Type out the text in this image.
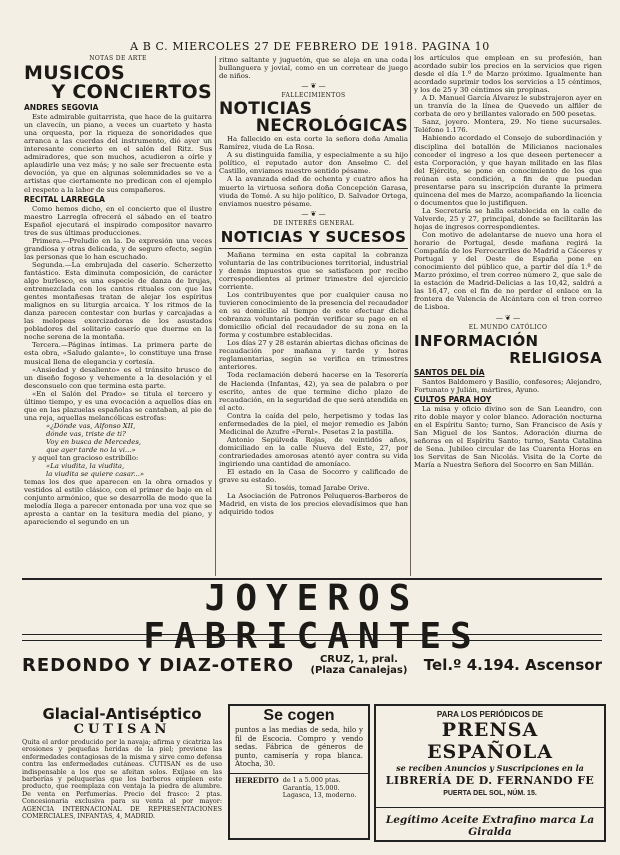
A B C. MIERCOLES 27 DE FEBRERO DE 1918. PAGINA 10
NOTAS DE ARTE
MUSICOS
Y CONCIERTOS
ANDRES SEGOVIA

Este admirable guitarrista, que hace de la guitarra un clavecín, un piano, a veces un cuarteto y hasta una orquesta, por la riqueza de sonoridades que arranca a las cuerdas del instrumento, dió ayer un interesante concierto en el salón del Ritz. Sus admiradores, que son muchos, acudieron a oírle y aplaudirle una vez más; y no sale ser frecuente esta devoción, ya que en algunas solemnidades se ve a artistas que ciertamente no predican con el ejemplo el respeto a la labor de sus compañeros.

RECITAL LARREGLA

Como hemos dicho, en el concierto que el ilustre maestro Larregla ofrecerá el sábado en el teatro Español ejecutará el inspirado compositor navarro tres de sus últimas producciones.

Primera.—Preludio en la. De expresión una veces grandiosa y otras delicada, y de seguro efecto, según las personas que lo han escuchado.

Segunda.—La embrujada del caserío. Scherzetto fantástico. Esta diminuta composición, de carácter algo burlesco, es una especie de danza de brujas, entremezclada con los cantos rituales con que las gentes montañesas tratan de alejar los espíritus malignos en su liturgia arcaica. Y los ritmos de la danza parecen contestar con burlas y carcajadas a las melopeas exorcizadoras de los asustados pobladores del solitario caserío que duerme en la noche serena de la montaña.

Tercera.—Páginas íntimas. La primera parte de esta obra, «Saludo galante», lo constituye una frase musical llena de elegancia y cortesía.

«Ansiedad y desaliento» es el tránsito brusco de un diseño fogoso y vehemente a la desolación y el desconsuelo con que termina esta parte.

«En el Salón del Prado» se titula el tercero y último tiempo, y es una evocación a aquellos días en que en las plazuelas españolas se cantaban, al pie de una reja, aquellas melancólicas estrofas:

«¿Dónde vas, Alfonso XII,
dónde vas, triste de ti?
Voy en busca de Mercedes,
que ayer tarde no la vi...»

y aquel tan gracioso estribillo:

«La viudita, la viudita,
la viudita se quiere casar...»

temas los dos que aparecen en la obra ornados y vestidos al estilo clásico, con el primer de bajo en el conjunto armónico, que se desarrolla de modo que la melodía llega a parecer entonada por una voz que se apresta a cantar en la tesitura media del piano, y apareciendo el segundo en un

ritmo saltante y juguetón, que se aleja en una coda bullanguera y jovial, como en un corretear de juego de niños.

— ❦ —
FALLECIMIENTOS
NOTICIAS
NECROLÓGICAS

Ha fallecido en esta corte la señora doña Amalia Ramírez, viuda de La Rosa.

A su distinguida familia, y especialmente a su hijo político, el reputado autor don Anselmo C. del Castillo, enviamos nuestro sentido pésame.

A la avanzada edad de ochenta y cuatro años ha muerto la virtuosa señora doña Concepción Garasa, viuda de Tomé. A su hijo político, D. Salvador Ortega, enviamos nuestro pésame.

— ❦ —
DE INTERÉS GENERAL
NOTICIAS Y SUCESOS

Mañana termina en esta capital la cobranza voluntaria de las contribuciones territorial, industrial y demás impuestos que se satisfacen por recibo correspondientes al primer trimestre del ejercicio corriente.

Los contribuyentes que por cualquier causa no tuvieren conocimiento de la presencia del recaudador en su domicilio al tiempo de este efectuar dicha cobranza voluntaria podrán verificar su pago en el domicilio oficial del recaudador de su zona en la forma y costumbre establecidas.

Los días 27 y 28 estarán abiertas dichas oficinas de recaudación por mañana y tarde y horas reglamentarias, según se verifica en trimestres anteriores.

Toda reclamación deberá hacerse en la Tesorería de Hacienda (Infantas, 42), ya sea de palabra o por escrito, antes de que termine dicho plazo de recaudación, en la seguridad de que será atendida en el acto.

Contra la caída del pelo, herpetismo y todas las enfermedades de la piel, el mejor remedio es Jabón Medicinal de Azufre «Peral». Pesetas 2 la pastilla.

Antonio Sepúlveda Rojas, de veintidós años, domiciliado en la calle Nueva del Este, 27, por contrariedades amorosas atentó ayer contra su vida ingiriendo una cantidad de amoníaco.

El estado en la Casa de Socorro y calificado de grave su estado.

Si toséis, tomad Jarabe Orive.

La Asociación de Patronos Peluqueros-Barberos de Madrid, en vista de los precios elevadísimos que han adquirido todos

los artículos que emplean en su profesión, han acordado subir los precios en la servicios que rigen desde el día 1.º de Marzo próximo. Igualmente han acordado suprimir todos los servicios a 15 céntimos, y los de 25 y 30 céntimos sin propinas.

A D. Manuel García Álvarez le substrajeron ayer en un tranvía de la línea de Quevedo un alfiler de corbata de oro y brillantes valorado en 500 pesetas.

Sanz, joyero. Montera, 29. No tiene sucursales. Teléfono 1.176.

Habiendo acordado el Consejo de subordinación y disciplina del batallón de Milicianos nacionales conceder el ingreso a los que deseen pertenecer a esta Corporación, y que hayan militado en las filas del Ejército, se pone en conocimiento de los que reúnan esta condición, a fin de que puedan presentarse para su inscripción durante la primera quincena del mes de Marzo, acompañando la licencia o documentos que lo justifiquen.

La Secretaría se halla establecida en la calle de Valverde, 25 y 27, principal, donde se facilitarán las hojas de ingresos correspondientes.

Con motivo de adelantarse de nuevo una hora el horario de Portugal, desde mañana regirá la Compañía de los Ferrocarriles de Madrid a Cáceres y Portugal y del Oeste de España pone en conocimiento del público que, a partir del día 1.º de Marzo próximo, el tren correo número 2, que sale de la estación de Madrid-Delicias a las 10,42, saldrá a las 16,47, con el fin de no perder el enlace en la frontera de Valencia de Alcántara con el tren correo de Lisboa.

— ❦ —
EL MUNDO CATÓLICO
INFORMACIÓN
RELIGIOSA
SANTOS DEL DÍA

Santos Baldomero y Basilio, confesores; Alejandro, Fortunato y Julián, mártires, Ayuno.

CULTOS PARA HOY

La misa y oficio divino son de San Leandro, con rito doble mayor y color blanco. Adoración nocturna en el Espíritu Santo; turno, San Francisco de Asís y San Miguel de los Santos. Adoración diurna de señoras en el Espíritu Santo; turno, Santa Catalina de Sena. Jubileo circular de las Cuarenta Horas en los Servitas de San Nicolás. Visita de la Corte de María a Nuestra Señora del Socorro en San Millán.

JOYEROS FABRICANTES
REDONDO Y DIAZ-OTERO	CRUZ, 1, pral.
(Plaza Canalejas) Tel.º 4.194. Ascensor
Glacial-Antiséptico
CUTISAN
Quita el ardor producido por la navaja; afirma y cicatriza las erosiones y pequeñas heridas de la piel; previene las enfermedades contagiosas de la misma y sirve como defensa contra las enfermedades cutáneas. CUTISAN es de uso indispensable a los que se afeitan solos. Exíjase en las barberías y peluquerías que los barberos empleen este producto, que reemplaza con ventaja la piedra de alumbre. De venta en Perfumerías. Precio del frasco: 2 ptas. Concesionaria exclusiva para su venta al por mayor: AGENCIA INTERNACIONAL DE REPRESENTACIONES COMERCIALES, INFANTAS, 4, MADRID.
Se cogen
puntos a las medias de seda, hilo y fil de Escocia. Compro y vendo sedas. Fábrica de géneros de punto, camisería y ropa blanca. Atocha, 30.
HEREDITO de 1 a 5.000 ptas. Garantía, 15.000. Lagasca, 13, moderno.
PARA LOS PERIÓDICOS DE
PRENSA ESPAÑOLA
se reciben Anuncios y Suscripciones en la
LIBRERÍA DE D. FERNANDO FE
PUERTA DEL SOL, NÚM. 15.
Legítimo Aceite Extrafino marca La Giralda
